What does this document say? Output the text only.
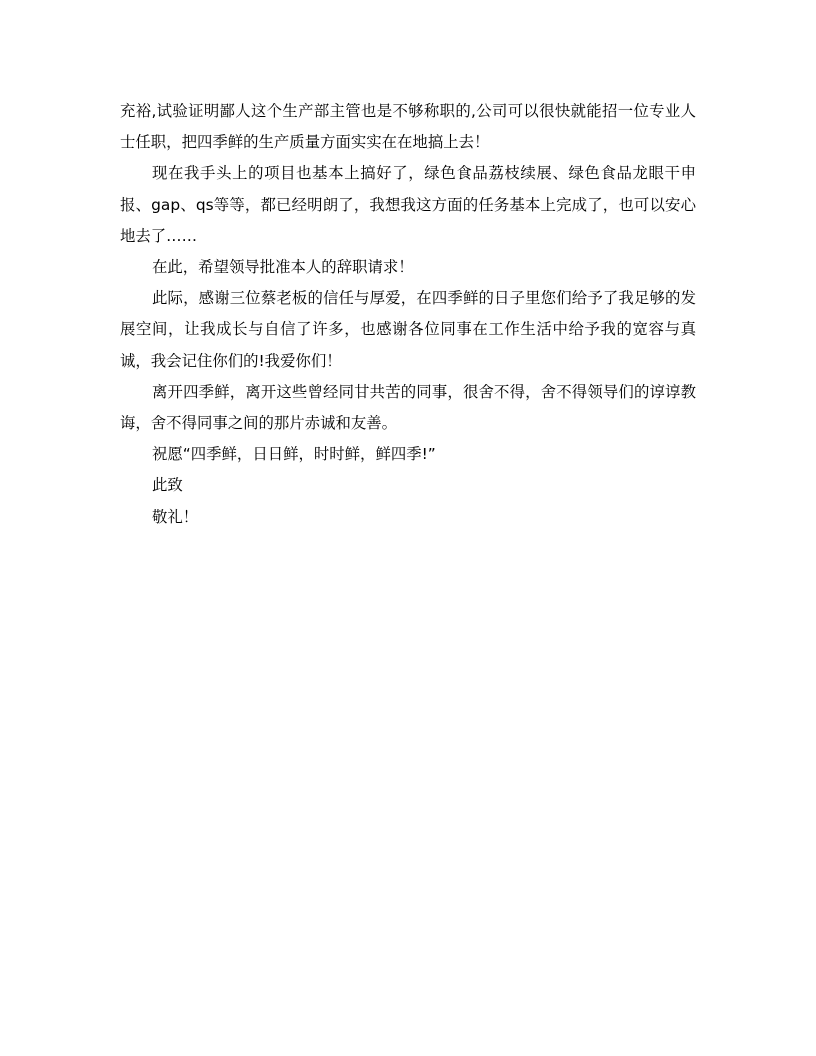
充裕,试验证明鄙人这个生产部主管也是不够称职的,公司可以很快就能招一位专业人士任职，把四季鲜的生产质量方面实实在在地搞上去！

现在我手头上的项目也基本上搞好了，绿色食品荔枝续展、绿色食品龙眼干申报、gap、qs等等，都已经明朗了，我想我这方面的任务基本上完成了，也可以安心地去了……

在此，希望领导批准本人的辞职请求！

此际，感谢三位蔡老板的信任与厚爱，在四季鲜的日子里您们给予了我足够的发展空间，让我成长与自信了许多，也感谢各位同事在工作生活中给予我的宽容与真诚，我会记住你们的!我爱你们！

离开四季鲜，离开这些曾经同甘共苦的同事，很舍不得，舍不得领导们的谆谆教诲，舍不得同事之间的那片赤诚和友善。

祝愿“四季鲜，日日鲜，时时鲜，鲜四季!”

此致

敬礼！
